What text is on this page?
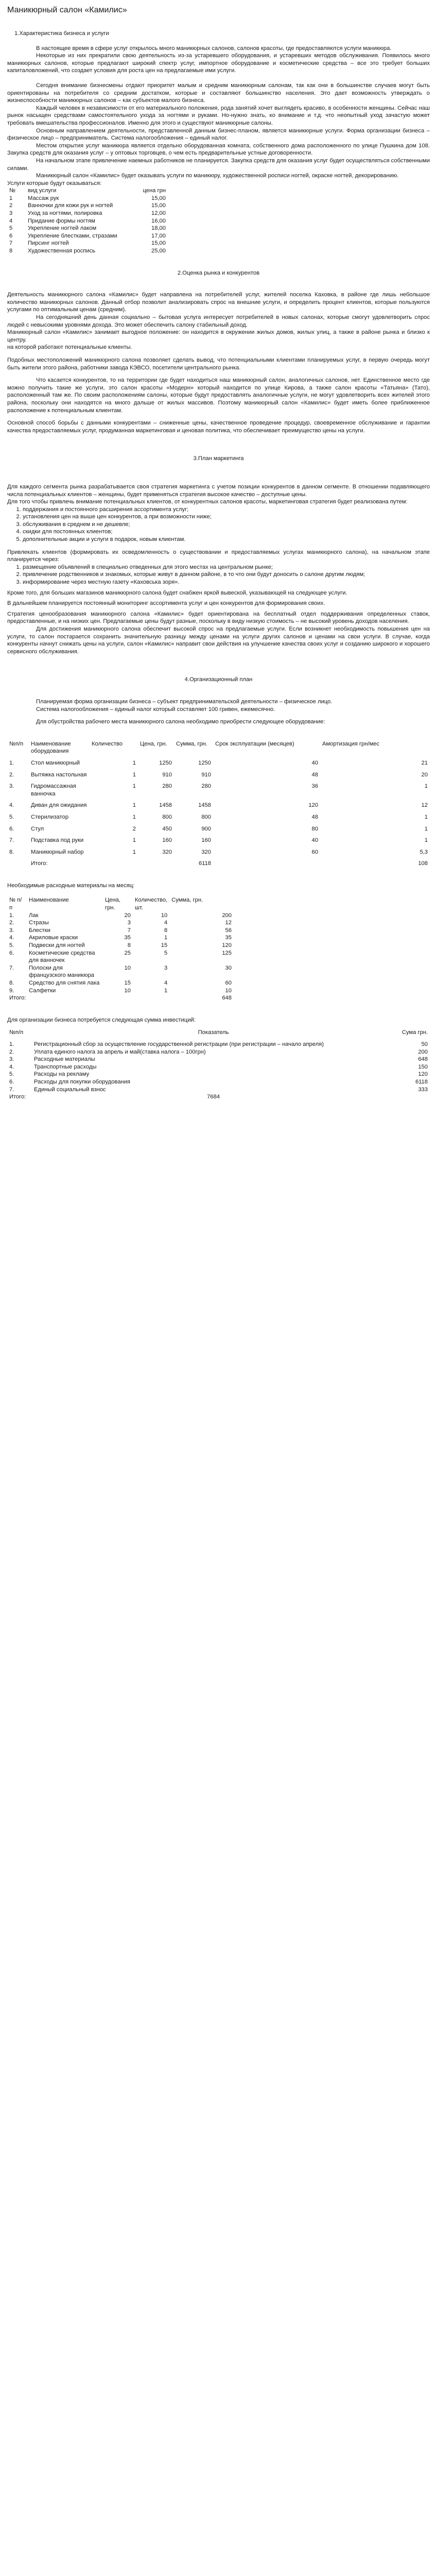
Маникюрный салон «Камилис»

1.Характеристика бизнеса и услуги

В настоящее время в сфере услуг открылось много маникюрных салонов, салонов красоты, где предоставляются услуги маникюра.

Некоторые из них прекратили свою деятельность из-за устаревшего оборудования, и устаревших методов обслуживания. Появилось много маникюрных салонов, которые предлагают широкий спектр услуг, импортное оборудование и косметические средства – все это требует больших капиталовложений, что создает условия для роста цен на предлагаемые ими услуги.

Сегодня внимание бизнесмены отдают приоритет малым и средним маникюрным салонам, так как они в большинстве случаев могут быть ориентированы на потребителя со средним достатком, которые и составляют большинство населения. Это дает возможность утверждать о жизнеспособности маникюрных салонов – как субъектов малого бизнеса.

Каждый человек в независимости от его материального положения, рода занятий хочет выглядеть красиво, в особенности женщины. Сейчас наш рынок насыщен средствами самостоятельного ухода за ногтями и руками. Но-нужно знать, ко внимание и т.д. что неопытный уход зачастую может требовать вмешательства профессионалов. Именно для этого и существуют маникюрные салоны.

Основным направлением деятельности, представленной данным бизнес-планом, является маникюрные услуги. Форма организации бизнеса – физическое лицо – предприниматель. Система налогообложения – единый налог.

Местом открытия услуг маникюра является отдельно оборудованная комната, собственного дома расположенного по улице Пушкина дом 108. Закупка средств для оказания услуг – у оптовых торговцев, о чем есть предварительные устные договоренности.

На начальном этапе привлечение наемных работников не планируется. Закупка средств для оказания услуг будет осуществляться собственными силами.

Маникюрный салон «Камилис» будет оказывать услуги по маникюру, художественной росписи ногтей, окраске ногтей, декорированию.

Услуги которые будут оказываться:

№	вид услуги	цена грн
1	Массаж рук	15,00
2	Ванночки для кожи рук и ногтей	15,00
3	Уход за ногтями, полировка	12,00
4	Придание формы ногтям	16,00
5	Укрепление ногтей лаком	18,00
6	Укрепление блестками, стразами	17,00
7	Пирсинг ногтей	15,00
8	Художественная роспись	25,00

2.Оценка рынка и конкурентов

Деятельность маникюрного салона «Камилис» будет направлена на потребителей услуг, жителей поселка Каховка, в районе где лишь небольшое количество маникюрных салонов. Данный отбор позволит анализировать спрос на внешние услуги, и определить процент клиентов, которые пользуются услугами по оптимальным ценам (средним).

На сегодняшний день данная социально – бытовая услуга интересует потребителей в новых салонах, которые смогут удовлетворить спрос людей с невысокими уровнями дохода. Это может обеспечить салону стабильный доход.

Маникюрный салон «Камилис» занимает выгодное положение: он находится в окружении жилых домов, жилых улиц, а также в районе рынка и близко к центру.

на которой работают потенциальные клиенты.

Подобных местоположений маникюрного салона позволяет сделать вывод, что потенциальными клиентами планируемых услуг, в первую очередь могут быть жители этого района, работники завода КЭВСО, посетители центрального рынка.

Что касается конкурентов, то на территории где будет находиться наш маникюрный салон, аналогичных салонов, нет. Единственное место где можно получить такие же услуги, это салон красоты «Модерн» который находится по улице Кирова, а также салон красоты «Татьяна» (Тато), расположенный там же. По своим расположениям салоны, которые будут предоставлять аналогичные услуги, не могут удовлетворить всех жителей этого района, поскольку они находятся на много дальше от жилых массивов. Поэтому маникюрный салон «Камилис» будет иметь более приближенное расположение к потенциальным клиентам.

Основной способ борьбы с данными конкурентами – сниженные цены, качественное проведение процедур, своевременное обслуживание и гарантии качества предоставляемых услуг, продуманная маркетинговая и ценовая политика, что обеспечивает преимущество цены на услуги.

3.План маркетинга

Для каждого сегмента рынка разрабатывается своя стратегия маркетинга с учетом позиции конкурентов в данном сегменте. В отношении подавляющего числа потенциальных клиентов – женщины, будет применяться стратегия высокое качество – доступные цены.

Для того чтобы привлечь внимание потенциальных клиентов, от конкурентных салонов красоты, маркетинговая стратегия будет реализована путем:

1. поддержания и постоянного расширения ассортимента услуг;
2. установления цен на выше цен конкурентов, а при возможности ниже;
3. обслуживания в среднем и не дешевле;
4. скидки для постоянных клиентов;
5. дополнительные акции и услуги в подарок, новым клиентам.

Привлекать клиентов (формировать их осведомленность о существовании и предоставляемых услугах маникюрного салона), на начальном этапе планируется через:

1. размещение объявлений в специально отведенных для этого местах на центральном рынке;
2. привлечение родственников и знакомых, которые живут в данном районе, в то что они будут доносить о салоне другим людям;
3. информирование через местную газету «Каховська зоря».

Кроме того, для больших магазинов маникюрного салона будет снабжен яркой вывеской, указывающей на следующее услуги.

В дальнейшем планируется постоянный мониторинг ассортимента услуг и цен конкурентов для формирования своих.

Стратегия ценообразования маникюрного салона «Камилис» будет ориентирована на бесплатный отдел поддерживания определенных ставок, предоставленные, и на низких цен. Предлагаемые цены будут разные, поскольку в виду низкую стоимость – не высокий уровень доходов населения.

Для достижения маникюрного салона обеспечит высокой спрос на предлагаемые услуги. Если возникнет необходимость повышения цен на услуги, то салон постарается сохранить значительную разницу между ценами на услуги других салонов и ценами на свои услуги. В случае, когда конкуренты начнут снижать цены на услуги, салон «Камилис» направит свои действия на улучшение качества своих услуг и созданию широкого и хорошего сервисного обслуживания.

4.Организационный план

Планируемая форма организации бизнеса – субъект предпринимательской деятельности – физическое лицо.

Система налогообложения – единый налог который составляет 100 гривен, ежемесячно.

Для обустройства рабочего места маникюрного салона необходимо приобрести следующее оборудование:

№п/п	Наименование оборудования	Количество	Цена, грн.	Сумма, грн.	Срок эксплуатации (месяцев)	Амортизация грн/мес

1.	Стол маникюрный	1	1250	1250	40	21

2.	Вытяжка настольная	1	910	910	48	20

3.	Гидромассажная ванночка	1	280	280	36	1

4.	Диван для ожидания	1	1458	1458	120	12

5.	Стерилизатор	1	800	800	48	1

6.	Стул	2	450	900	80	1

7.	Подставка под руки	1	160	160	40	1

8.	Маникюрный набор	1	320	320	60	5,3

	Итого:			6118		108

Необходимые расходные материалы на месяц:

№ п/п	Наименование	Цена, грн.	Количество, шт.	Сумма, грн.
1.	Лак	20	10	200
2.	Стразы	3	4	12
3.	Блестки	7	8	56
4.	Акриловые краски	35	1	35
5.	Подвески для ногтей	8	15	120
6.	Косметические средства для ванночек	25	5	125
7.	Полоски для французского маникюра	10	3	30
8.	Средство для снятия лака	15	4	60
9.	Салфетки	10	1	10
Итого:				648

Для организации бизнеса потребуется следующая сумма инвестиций:

№п/п	Показатель	Сума грн.

1.	Регистрационный сбор за осуществление государственной регистрации (при регистрации – начало апреля)	50
2.	Уплата единого налога за апрель и май(ставка налога – 100грн)	200
3.	Расходные материалы	648
4.	Транспортные расходы	150
5.	Расходы на рекламу	120
6.	Расходы для покупки оборудования	6118
7.	Единый социальный взнос	333
Итого:	7684	
